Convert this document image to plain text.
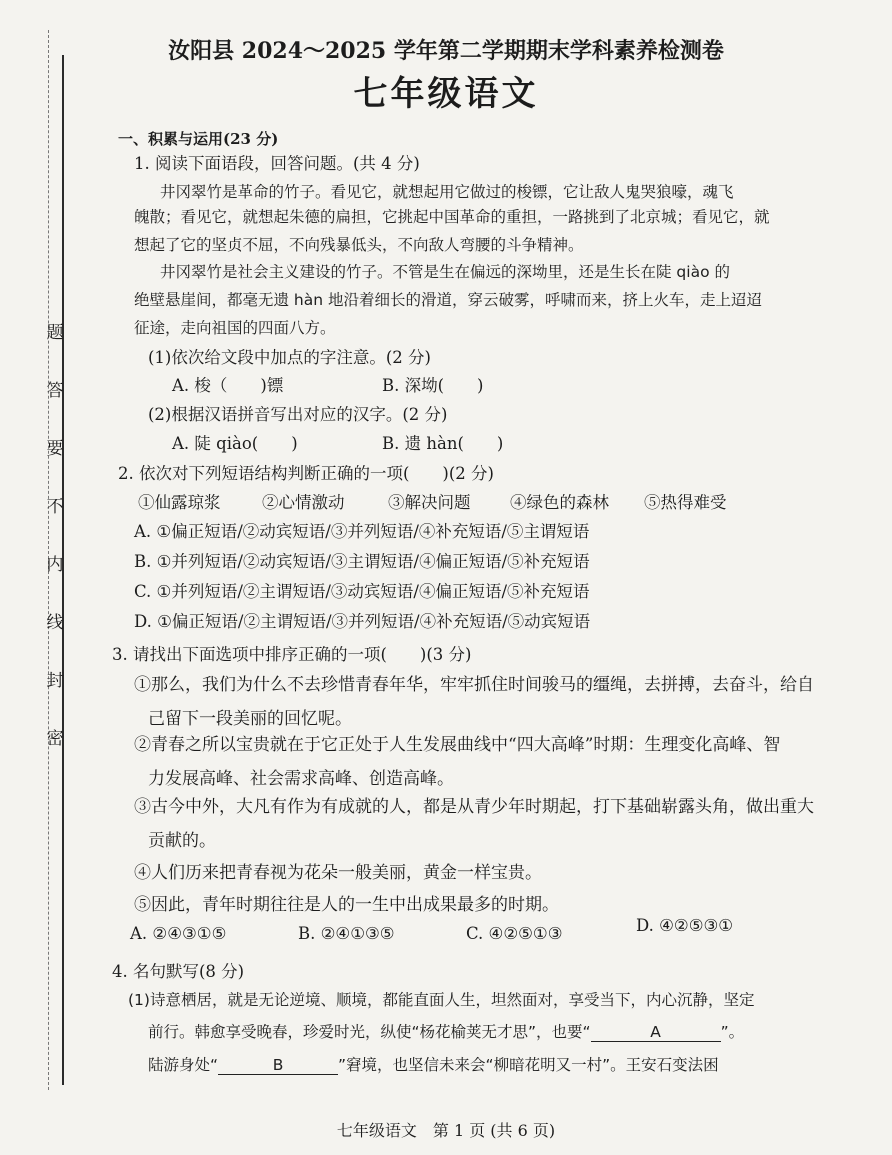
题
答
要
不
内
线
封
密
汝阳县 2024～2025 学年第二学期期末学科素养检测卷
七年级语文
一、积累与运用(23 分)
1. 阅读下面语段，回答问题。(共 4 分)
井冈翠竹是革命的竹子。看见它，就想起用它做过的梭镖，它让敌人鬼哭狼嚎，魂飞
魄散；看见它，就想起朱德的扁担，它挑起中国革命的重担，一路挑到了北京城；看见它，就
想起了它的坚贞不屈，不向残暴低头，不向敌人弯腰的斗争精神。
井冈翠竹是社会主义建设的竹子。不管是生在偏远的深坳里，还是生长在陡 qiào 的
绝壁悬崖间，都毫无遗 hàn 地沿着细长的滑道，穿云破雾，呼啸而来，挤上火车，走上迢迢
征途，走向祖国的四面八方。
(1)依次给文段中加点的字注意。(2 分)
A. 梭（　　)镖	B. 深坳(　　)
(2)根据汉语拼音写出对应的汉字。(2 分)
A. 陡 qiào(　　)	B. 遗 hàn(　　)
2. 依次对下列短语结构判断正确的一项(　　)(2 分)
①仙露琼浆	②心情激动	③解决问题 ④绿色的森林 ⑤热得难受
A. ①偏正短语/②动宾短语/③并列短语/④补充短语/⑤主谓短语
B. ①并列短语/②动宾短语/③主谓短语/④偏正短语/⑤补充短语
C. ①并列短语/②主谓短语/③动宾短语/④偏正短语/⑤补充短语
D. ①偏正短语/②主谓短语/③并列短语/④补充短语/⑤动宾短语
3. 请找出下面选项中排序正确的一项(　　)(3 分)
①那么，我们为什么不去珍惜青春年华，牢牢抓住时间骏马的缰绳，去拼搏，去奋斗，给自
己留下一段美丽的回忆呢。
②青春之所以宝贵就在于它正处于人生发展曲线中“四大高峰”时期：生理变化高峰、智
力发展高峰、社会需求高峰、创造高峰。
③古今中外，大凡有作为有成就的人，都是从青少年时期起，打下基础崭露头角，做出重大
贡献的。
④人们历来把青春视为花朵一般美丽，黄金一样宝贵。
⑤因此，青年时期往往是人的一生中出成果最多的时期。
A. ②④③①⑤	B. ②④①③⑤	C. ④②⑤①③	D. ④②⑤③①
4. 名句默写(8 分)
(1)诗意栖居，就是无论逆境、顺境，都能直面人生，坦然面对，享受当下，内心沉静，坚定
前行。韩愈享受晚春，珍爱时光，纵使“杨花榆荚无才思”，也要“	A	”。
陆游身处“	B	”窘境，也坚信未来会“柳暗花明又一村”。王安石变法困
七年级语文　第 1 页 (共 6 页)
